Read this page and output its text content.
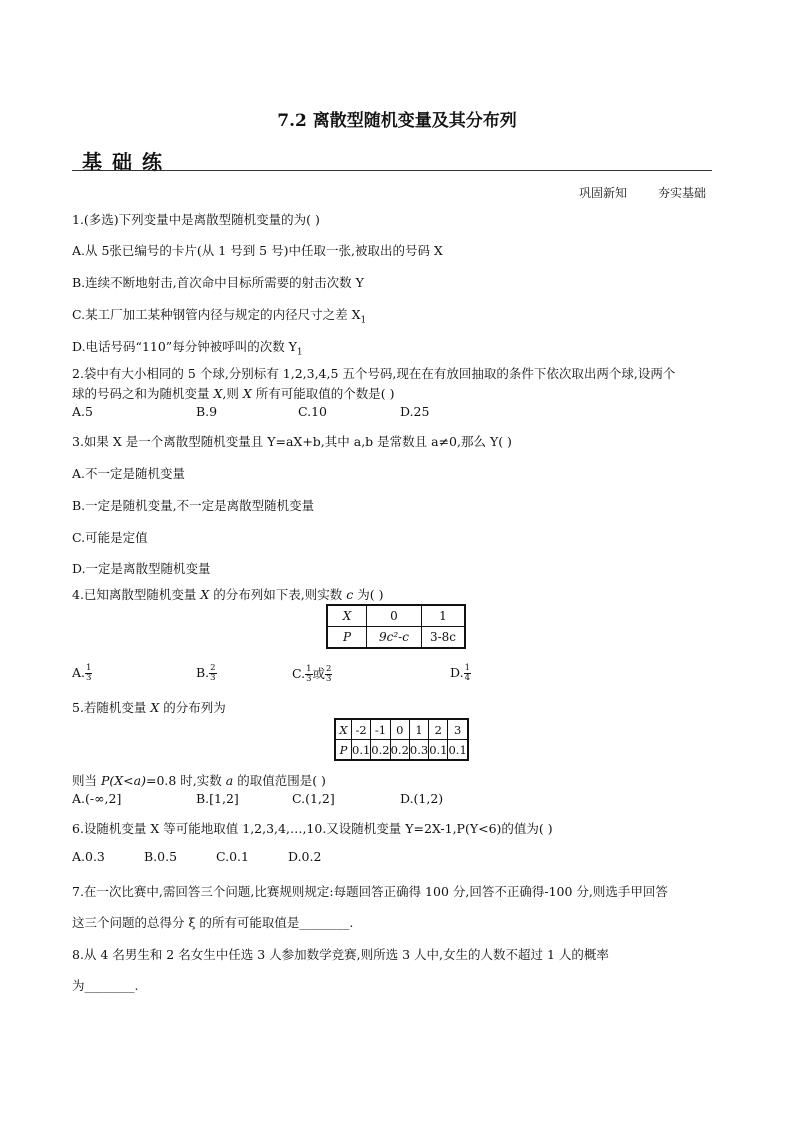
7.2 离散型随机变量及其分布列
基础练
巩固新知	夯实基础
1.(多选)下列变量中是离散型随机变量的为( )
A.从 5张已编号的卡片(从 1 号到 5 号)中任取一张,被取出的号码 X
B.连续不断地射击,首次命中目标所需要的射击次数 Y
C.某工厂加工某种钢管内径与规定的内径尺寸之差 $X_1$
D.电话号码“110”每分钟被呼叫的次数 $Y_1$
2.袋中有大小相同的 5 个球,分别标有 1,2,3,4,5 五个号码,现在在有放回抽取的条件下依次取出两个球,设两个
球的号码之和为随机变量 X,则 X 所有可能取值的个数是( )
A.5	B.9	C.10	D.25
3.如果 X 是一个离散型随机变量且 Y=aX+b,其中 a,b 是常数且 a≠0,那么 Y( )
A.不一定是随机变量
B.一定是随机变量,不一定是离散型随机变量
C.可能是定值
D.一定是离散型随机变量
4.已知离散型随机变量 X 的分布列如下表,则实数 c 为( )
X	0	1
P	9c²-c	3-8c
A. $\frac{1}{3}$	B. $\frac{2}{3}$	C. $\frac{1}{3}$ 或 $\frac{2}{3}$	D. $\frac{1}{4}$
5.若随机变量 X 的分布列为
X	-2	-1	0	1	2	3
P	0.1	0.2	0.2	0.3	0.1	0.1
则当 P(X<a)=0.8 时,实数 a 的取值范围是( )
A.(-∞,2]	B.[1,2]	C.(1,2]	D.(1,2)
6.设随机变量 X 等可能地取值 1,2,3,4,…,10.又设随机变量 Y=2X-1,P(Y<6)的值为( )
A.0.3	B.0.5	C.0.1	D.0.2
7.在一次比赛中,需回答三个问题,比赛规则规定:每题回答正确得 100 分,回答不正确得-100 分,则选手甲回答
这三个问题的总得分 ξ 的所有可能取值是________.
8.从 4 名男生和 2 名女生中任选 3 人参加数学竞赛,则所选 3 人中,女生的人数不超过 1 人的概率
为________.
